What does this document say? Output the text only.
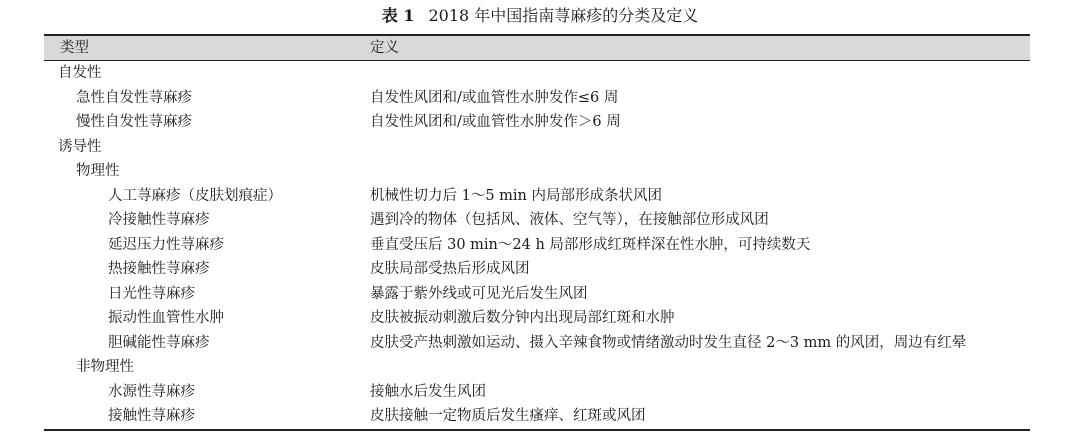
表 1 2018 年中国指南荨麻疹的分类及定义
类型	定义
自发性
急性自发性荨麻疹	自发性风团和/或血管性水肿发作≤6 周
慢性自发性荨麻疹	自发性风团和/或血管性水肿发作＞6 周
诱导性
物理性
人工荨麻疹（皮肤划痕症）	机械性切力后 1～5 min 内局部形成条状风团
冷接触性荨麻疹	遇到冷的物体（包括风、液体、空气等），在接触部位形成风团
延迟压力性荨麻疹	垂直受压后 30 min～24 h 局部形成红斑样深在性水肿，可持续数天
热接触性荨麻疹	皮肤局部受热后形成风团
日光性荨麻疹	暴露于紫外线或可见光后发生风团
振动性血管性水肿	皮肤被振动刺激后数分钟内出现局部红斑和水肿
胆碱能性荨麻疹	皮肤受产热刺激如运动、摄入辛辣食物或情绪激动时发生直径 2～3 mm 的风团，周边有红晕
非物理性
水源性荨麻疹	接触水后发生风团
接触性荨麻疹	皮肤接触一定物质后发生瘙痒、红斑或风团
